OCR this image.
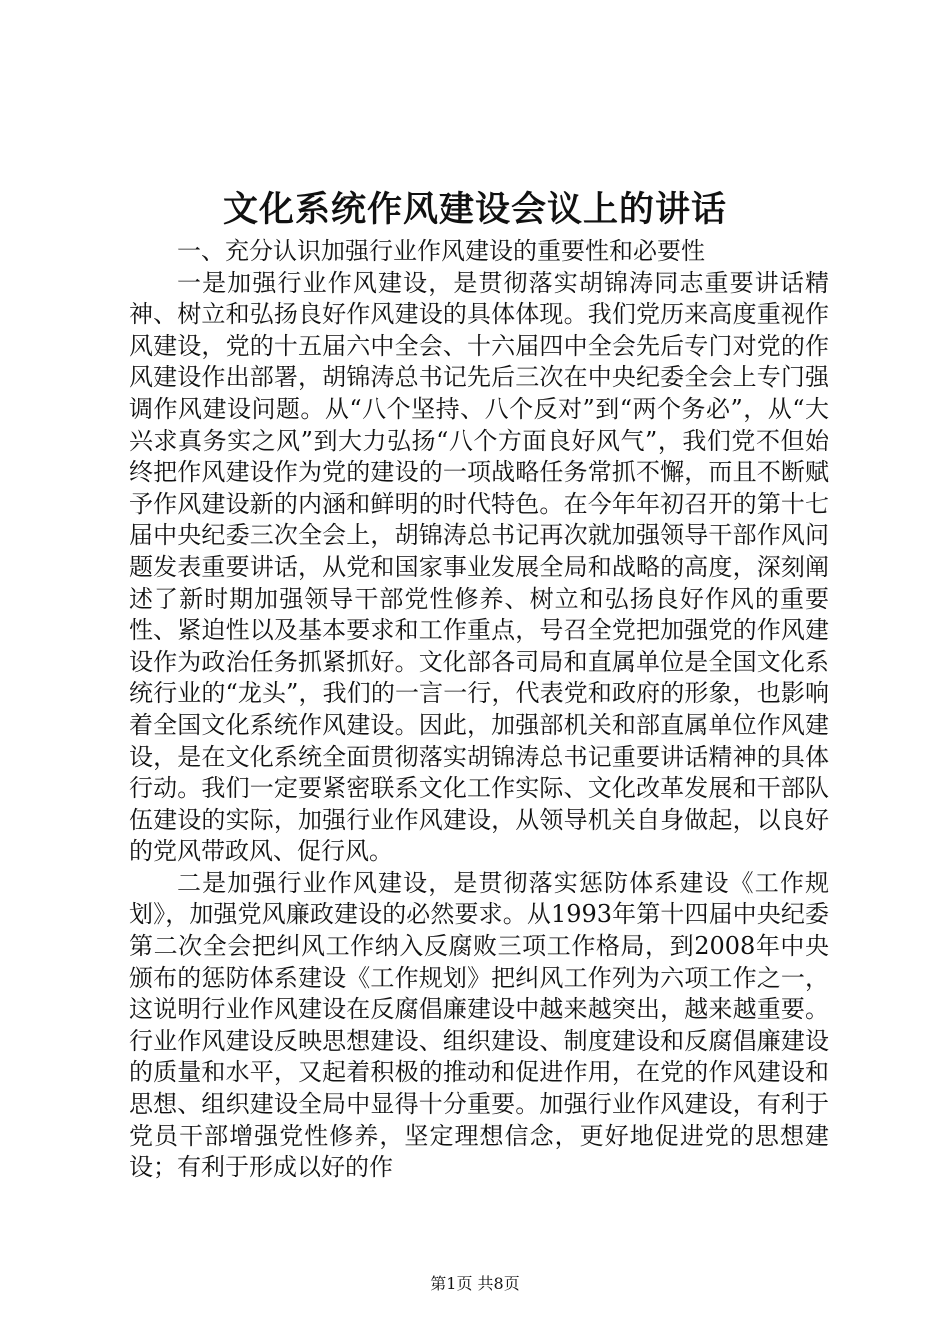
文化系统作风建设会议上的讲话

一、充分认识加强行业作风建设的重要性和必要性

一是加强行业作风建设，是贯彻落实胡锦涛同志重要讲话精神、树立和弘扬良好作风建设的具体体现。我们党历来高度重视作风建设，党的十五届六中全会、十六届四中全会先后专门对党的作风建设作出部署，胡锦涛总书记先后三次在中央纪委全会上专门强调作风建设问题。从“八个坚持、八个反对”到“两个务必”，从“大兴求真务实之风”到大力弘扬“八个方面良好风气”，我们党不但始终把作风建设作为党的建设的一项战略任务常抓不懈，而且不断赋予作风建设新的内涵和鲜明的时代特色。在今年年初召开的第十七届中央纪委三次全会上，胡锦涛总书记再次就加强领导干部作风问题发表重要讲话，从党和国家事业发展全局和战略的高度，深刻阐述了新时期加强领导干部党性修养、树立和弘扬良好作风的重要性、紧迫性以及基本要求和工作重点，号召全党把加强党的作风建设作为政治任务抓紧抓好。文化部各司局和直属单位是全国文化系统行业的“龙头”，我们的一言一行，代表党和政府的形象，也影响着全国文化系统作风建设。因此，加强部机关和部直属单位作风建设，是在文化系统全面贯彻落实胡锦涛总书记重要讲话精神的具体行动。我们一定要紧密联系文化工作实际、文化改革发展和干部队伍建设的实际，加强行业作风建设，从领导机关自身做起，以良好的党风带政风、促行风。

二是加强行业作风建设，是贯彻落实惩防体系建设《工作规划》，加强党风廉政建设的必然要求。从1993年第十四届中央纪委第二次全会把纠风工作纳入反腐败三项工作格局，到2008年中央颁布的惩防体系建设《工作规划》把纠风工作列为六项工作之一，这说明行业作风建设在反腐倡廉建设中越来越突出，越来越重要。行业作风建设反映思想建设、组织建设、制度建设和反腐倡廉建设的质量和水平，又起着积极的推动和促进作用，在党的作风建设和思想、组织建设全局中显得十分重要。加强行业作风建设，有利于党员干部增强党性修养，坚定理想信念，更好地促进党的思想建设；有利于形成以好的作

第1页 共8页
